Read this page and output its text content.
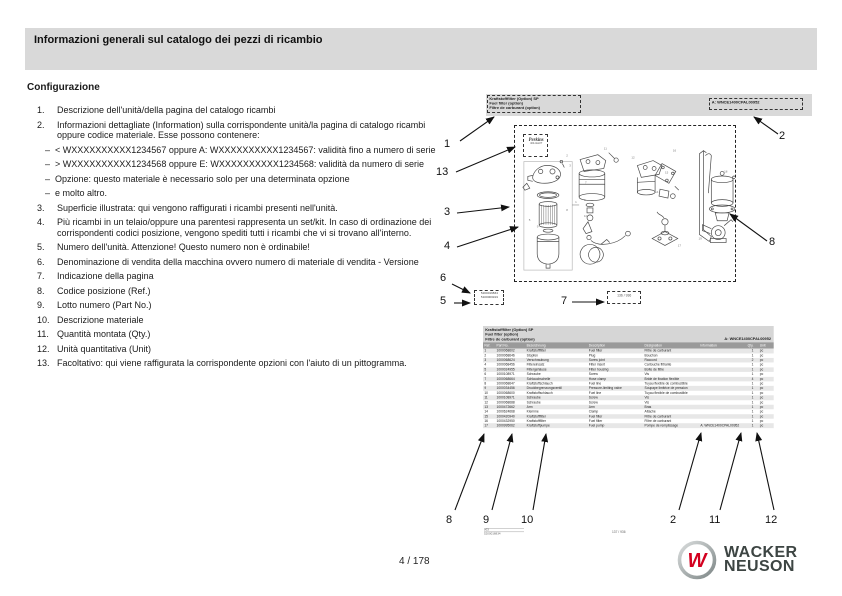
Informazioni generali sul catalogo dei pezzi di ricambio
Configurazione
1.	Descrizione dell'unità/della pagina del catalogo ricambi
2.	Informazioni dettagliate (Information) sulla corrispondente unità/la pagina di catalogo ricambi oppure codice materiale. Esse possono contenere:
– < WXXXXXXXXXX1234567 oppure A: WXXXXXXXXXX1234567: validità fino a numero di serie
– > WXXXXXXXXXX1234568 oppure E: WXXXXXXXXXX1234568: validità da numero di serie
– Opzione: questo materiale è necessario solo per una determinata opzione
– e molto altro.
3.	Superficie illustrata: qui vengono raffigurati i ricambi presenti nell'unità.
4.	Più ricambi in un telaio/oppure una parentesi rappresenta un set/kit. In caso di ordinazione dei corrispondenti codici posizione, vengono spediti tutti i ricambi che vi si trovano all'interno.
5.	Numero dell'unità. Attenzione! Questo numero non è ordinabile!
6.	Denominazione di vendita della macchina ovvero numero di materiale di vendita - Versione
7.	Indicazione della pagina
8.	Codice posizione (Ref.)
9.	Lotto numero (Part No.)
10. Descrizione materiale
11. Quantità montata (Qty.)
12. Unità quantitativa (Unit)
13. Facoltativo: qui viene raffigurata la corrispondente opzioni con l'aiuto di un pittogramma.
Kraftstofffilter (Option) SP
Fuel filter (option)
Filtre de carburant (option)
A: WNCE1400CPAL00952
1
2
3
5
6
7
8
9
10
11
12
14
15
16
17
18
19
Perkins
404J-E22T
5200016834
5100009919	136 / 936
Kraftstofffilter (Option) SP
Fuel filter (option)
Filtre de carburant (option)	A: WNCE1400CPAL00952
Ref. Part No.	Bezeichnung	Description	Désignation	Information	Qty. Unit
1	1000068602	Kraftstofffilter	Fuel filter	Filtre de carburant	1 pc
2	1000068646	Stopfen	Plug	Bouchon	1 pc
3	1000068624	Verschraubung	Screw joint	Raccord	2 pc
4	1000068456	Filtereinsatz	Filter insert	Cartouche filtrante	1 pc
5	1000024955	Filtergehäuse	Filter housing	Boîte de filtre	1 pc
6	1000108971	Schraube	Screw	Vis	1 pc
7	1000068664	Schlauchschelle	Hose clamp	Bride de fixation flexible	4 pc
8	1000068647	Kraftstoffschlauch	Fuel line	Tuyau flexible de combustible	1 pc
9	1000034456	Druckbegrenzungsventil	Pressure-limiting valve	Soupape limitrice de pression	1 pc
10	1000068600	Kraftstoffschlauch	Fuel line	Tuyau flexible de combustible	1 pc
11	1000108971	Schraube	Screw	Vis	1 pc
12	1000068688	Schraube	Screw	Vis	1 pc
13	1000472662	Arm	Arm	Bras	1 pc
14	1000624668	Klemme	Clamp	Attache	1 pc
15	1000420940	Kraftstofffilter	Fuel filter	Filtre de carburant	1 pc
16	1000432950	Kraftstofffilter	Fuel filter	Filtre de carburant	1 pc
17	1000995062	Kraftstoffpumpe	Fuel pump	Pompe de remplissage	A: WNCE1400CPAL00952	1 pc
v03
5200016834	137 / 936
4 / 178	W WACKER
NEUSON
1
2
13
3
4
6
5	7
8
8	9	10	2	11	12
